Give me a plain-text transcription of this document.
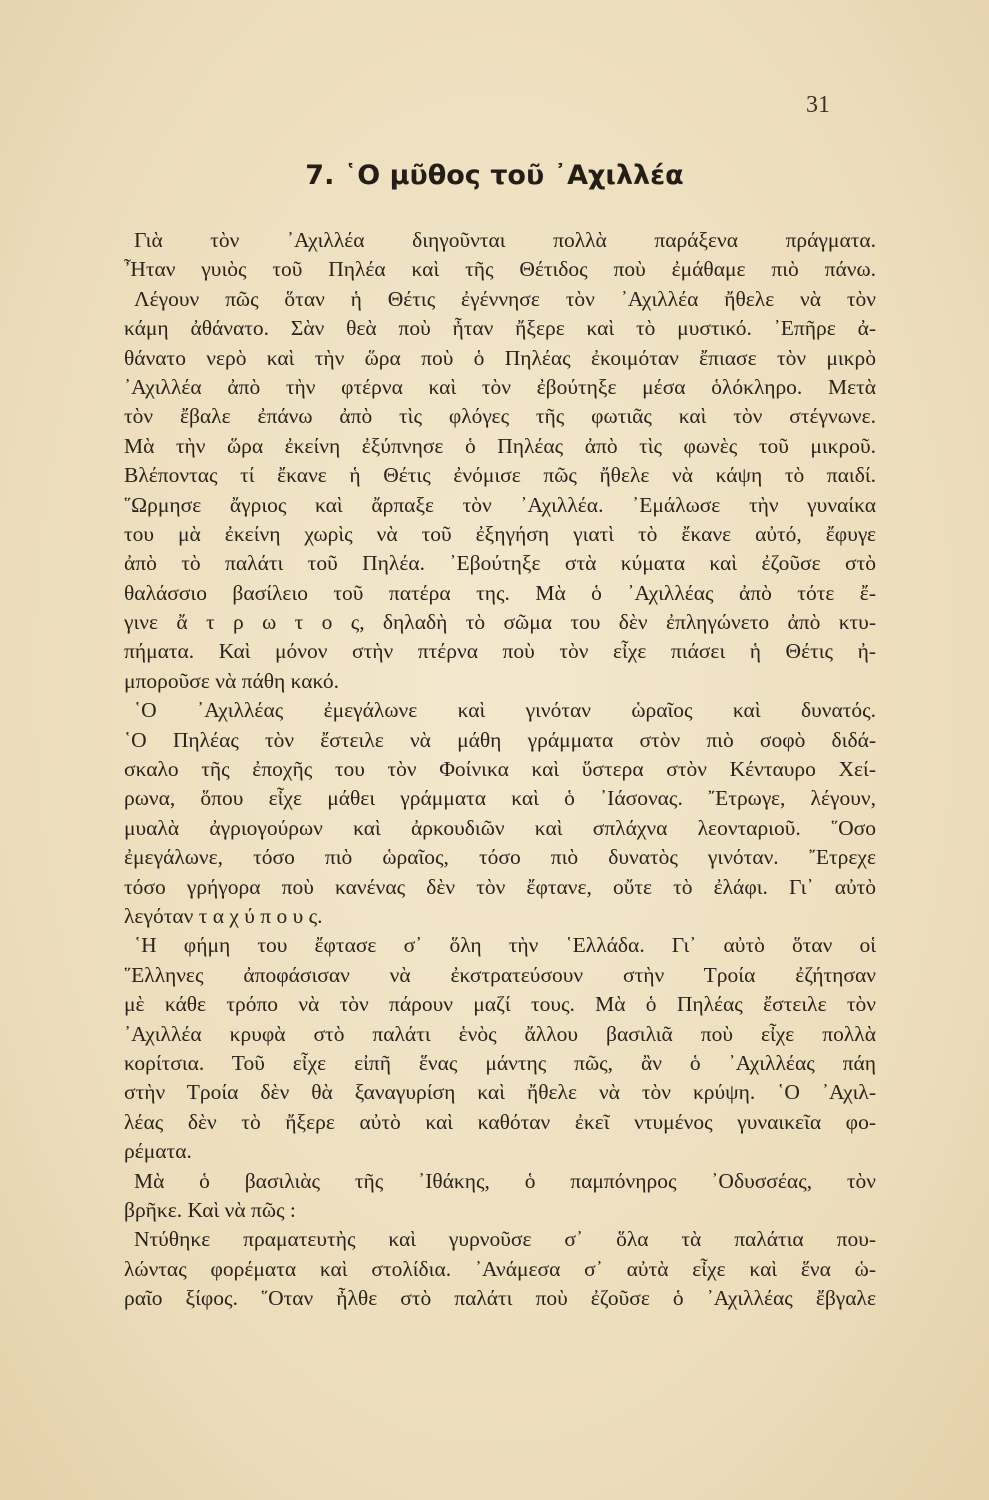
31
7. ῾Ο μῦθος τοῦ ᾿Αχιλλέα
Γιὰ τὸν ᾿Αχιλλέα διηγοῦνται πολλὰ παράξενα πράγματα.
Ἦταν γυιὸς τοῦ Πηλέα καὶ τῆς Θέτιδος ποὺ ἐμάθαμε πιὸ πάνω.
Λέγουν πῶς ὅταν ἡ Θέτις ἐγέννησε τὸν ᾿Αχιλλέα ἤθελε νὰ τὸν
κάμη ἀθάνατο. Σὰν θεὰ ποὺ ἦταν ἤξερε καὶ τὸ μυστικό. ᾿Επῆρε ἀ-
θάνατο νερὸ καὶ τὴν ὥρα ποὺ ὁ Πηλέας ἐκοιμόταν ἔπιασε τὸν μικρὸ
᾿Αχιλλέα ἀπὸ τὴν φτέρνα καὶ τὸν ἐβούτηξε μέσα ὁλόκληρο. Μετὰ
τὸν ἔβαλε ἐπάνω ἀπὸ τὶς φλόγες τῆς φωτιᾶς καὶ τὸν στέγνωνε.
Μὰ τὴν ὥρα ἐκείνη ἐξύπνησε ὁ Πηλέας ἀπὸ τὶς φωνὲς τοῦ μικροῦ.
Βλέποντας τί ἔκανε ἡ Θέτις ἐνόμισε πῶς ἤθελε νὰ κάψη τὸ παιδί.
῞Ωρμησε ἄγριος καὶ ἄρπαξε τὸν ᾿Αχιλλέα. ᾿Εμάλωσε τὴν γυναίκα
του μὰ ἐκείνη χωρὶς νὰ τοῦ ἐξηγήση γιατὶ τὸ ἔκανε αὐτό, ἔφυγε
ἀπὸ τὸ παλάτι τοῦ Πηλέα. ᾿Εβούτηξε στὰ κύματα καὶ ἐζοῦσε στὸ
θαλάσσιο βασίλειο τοῦ πατέρα της. Μὰ ὁ ᾿Αχιλλέας ἀπὸ τότε ἔ-
γινε ἄ τ ρ ω τ ο ς, δηλαδὴ τὸ σῶμα του δὲν ἐπληγώνετο ἀπὸ κτυ-
πήματα. Καὶ μόνον στὴν πτέρνα ποὺ τὸν εἶχε πιάσει ἡ Θέτις ἠ-
μποροῦσε νὰ πάθη κακό.
῾Ο ᾿Αχιλλέας ἐμεγάλωνε καὶ γινόταν ὡραῖος καὶ δυνατός.
῾Ο Πηλέας τὸν ἔστειλε νὰ μάθη γράμματα στὸν πιὸ σοφὸ διδά-
σκαλο τῆς ἐποχῆς του τὸν Φοίνικα καὶ ὕστερα στὸν Κένταυρο Χεί-
ρωνα, ὅπου εἶχε μάθει γράμματα καὶ ὁ ᾿Ιάσονας. ῎Ετρωγε, λέγουν,
μυαλὰ ἀγριογούρων καὶ ἀρκουδιῶν καὶ σπλάχνα λεονταριοῦ. ῞Οσο
ἐμεγάλωνε, τόσο πιὸ ὡραῖος, τόσο πιὸ δυνατὸς γινόταν. ῎Ετρεχε
τόσο γρήγορα ποὺ κανένας δὲν τὸν ἔφτανε, οὔτε τὸ ἐλάφι. Γι᾿ αὐτὸ
λεγόταν τ α χ ύ π ο υ ς.
῾Η φήμη του ἔφτασε σ᾿ ὅλη τὴν ῾Ελλάδα. Γι᾿ αὐτὸ ὅταν οἱ
῞Ελληνες ἀποφάσισαν νὰ ἐκστρατεύσουν στὴν Τροία ἐζήτησαν
μὲ κάθε τρόπο νὰ τὸν πάρουν μαζί τους. Μὰ ὁ Πηλέας ἔστειλε τὸν
᾿Αχιλλέα κρυφὰ στὸ παλάτι ἑνὸς ἄλλου βασιλιᾶ ποὺ εἶχε πολλὰ
κορίτσια. Τοῦ εἶχε εἰπῆ ἕνας μάντης πῶς, ἂν ὁ ᾿Αχιλλέας πάη
στὴν Τροία δὲν θὰ ξαναγυρίση καὶ ἤθελε νὰ τὸν κρύψη. ῾Ο ᾿Αχιλ-
λέας δὲν τὸ ἤξερε αὐτὸ καὶ καθόταν ἐκεῖ ντυμένος γυναικεῖα φο-
ρέματα.
Μὰ ὁ βασιλιὰς τῆς ᾿Ιθάκης, ὁ παμπόνηρος ᾿Οδυσσέας, τὸν
βρῆκε. Καὶ νὰ πῶς :
Ντύθηκε πραματευτὴς καὶ γυρνοῦσε σ᾿ ὅλα τὰ παλάτια που-
λώντας φορέματα καὶ στολίδια. ᾿Ανάμεσα σ᾿ αὐτὰ εἶχε καὶ ἕνα ὡ-
ραῖο ξίφος. ῞Οταν ἦλθε στὸ παλάτι ποὺ ἐζοῦσε ὁ ᾿Αχιλλέας ἔβγαλε
